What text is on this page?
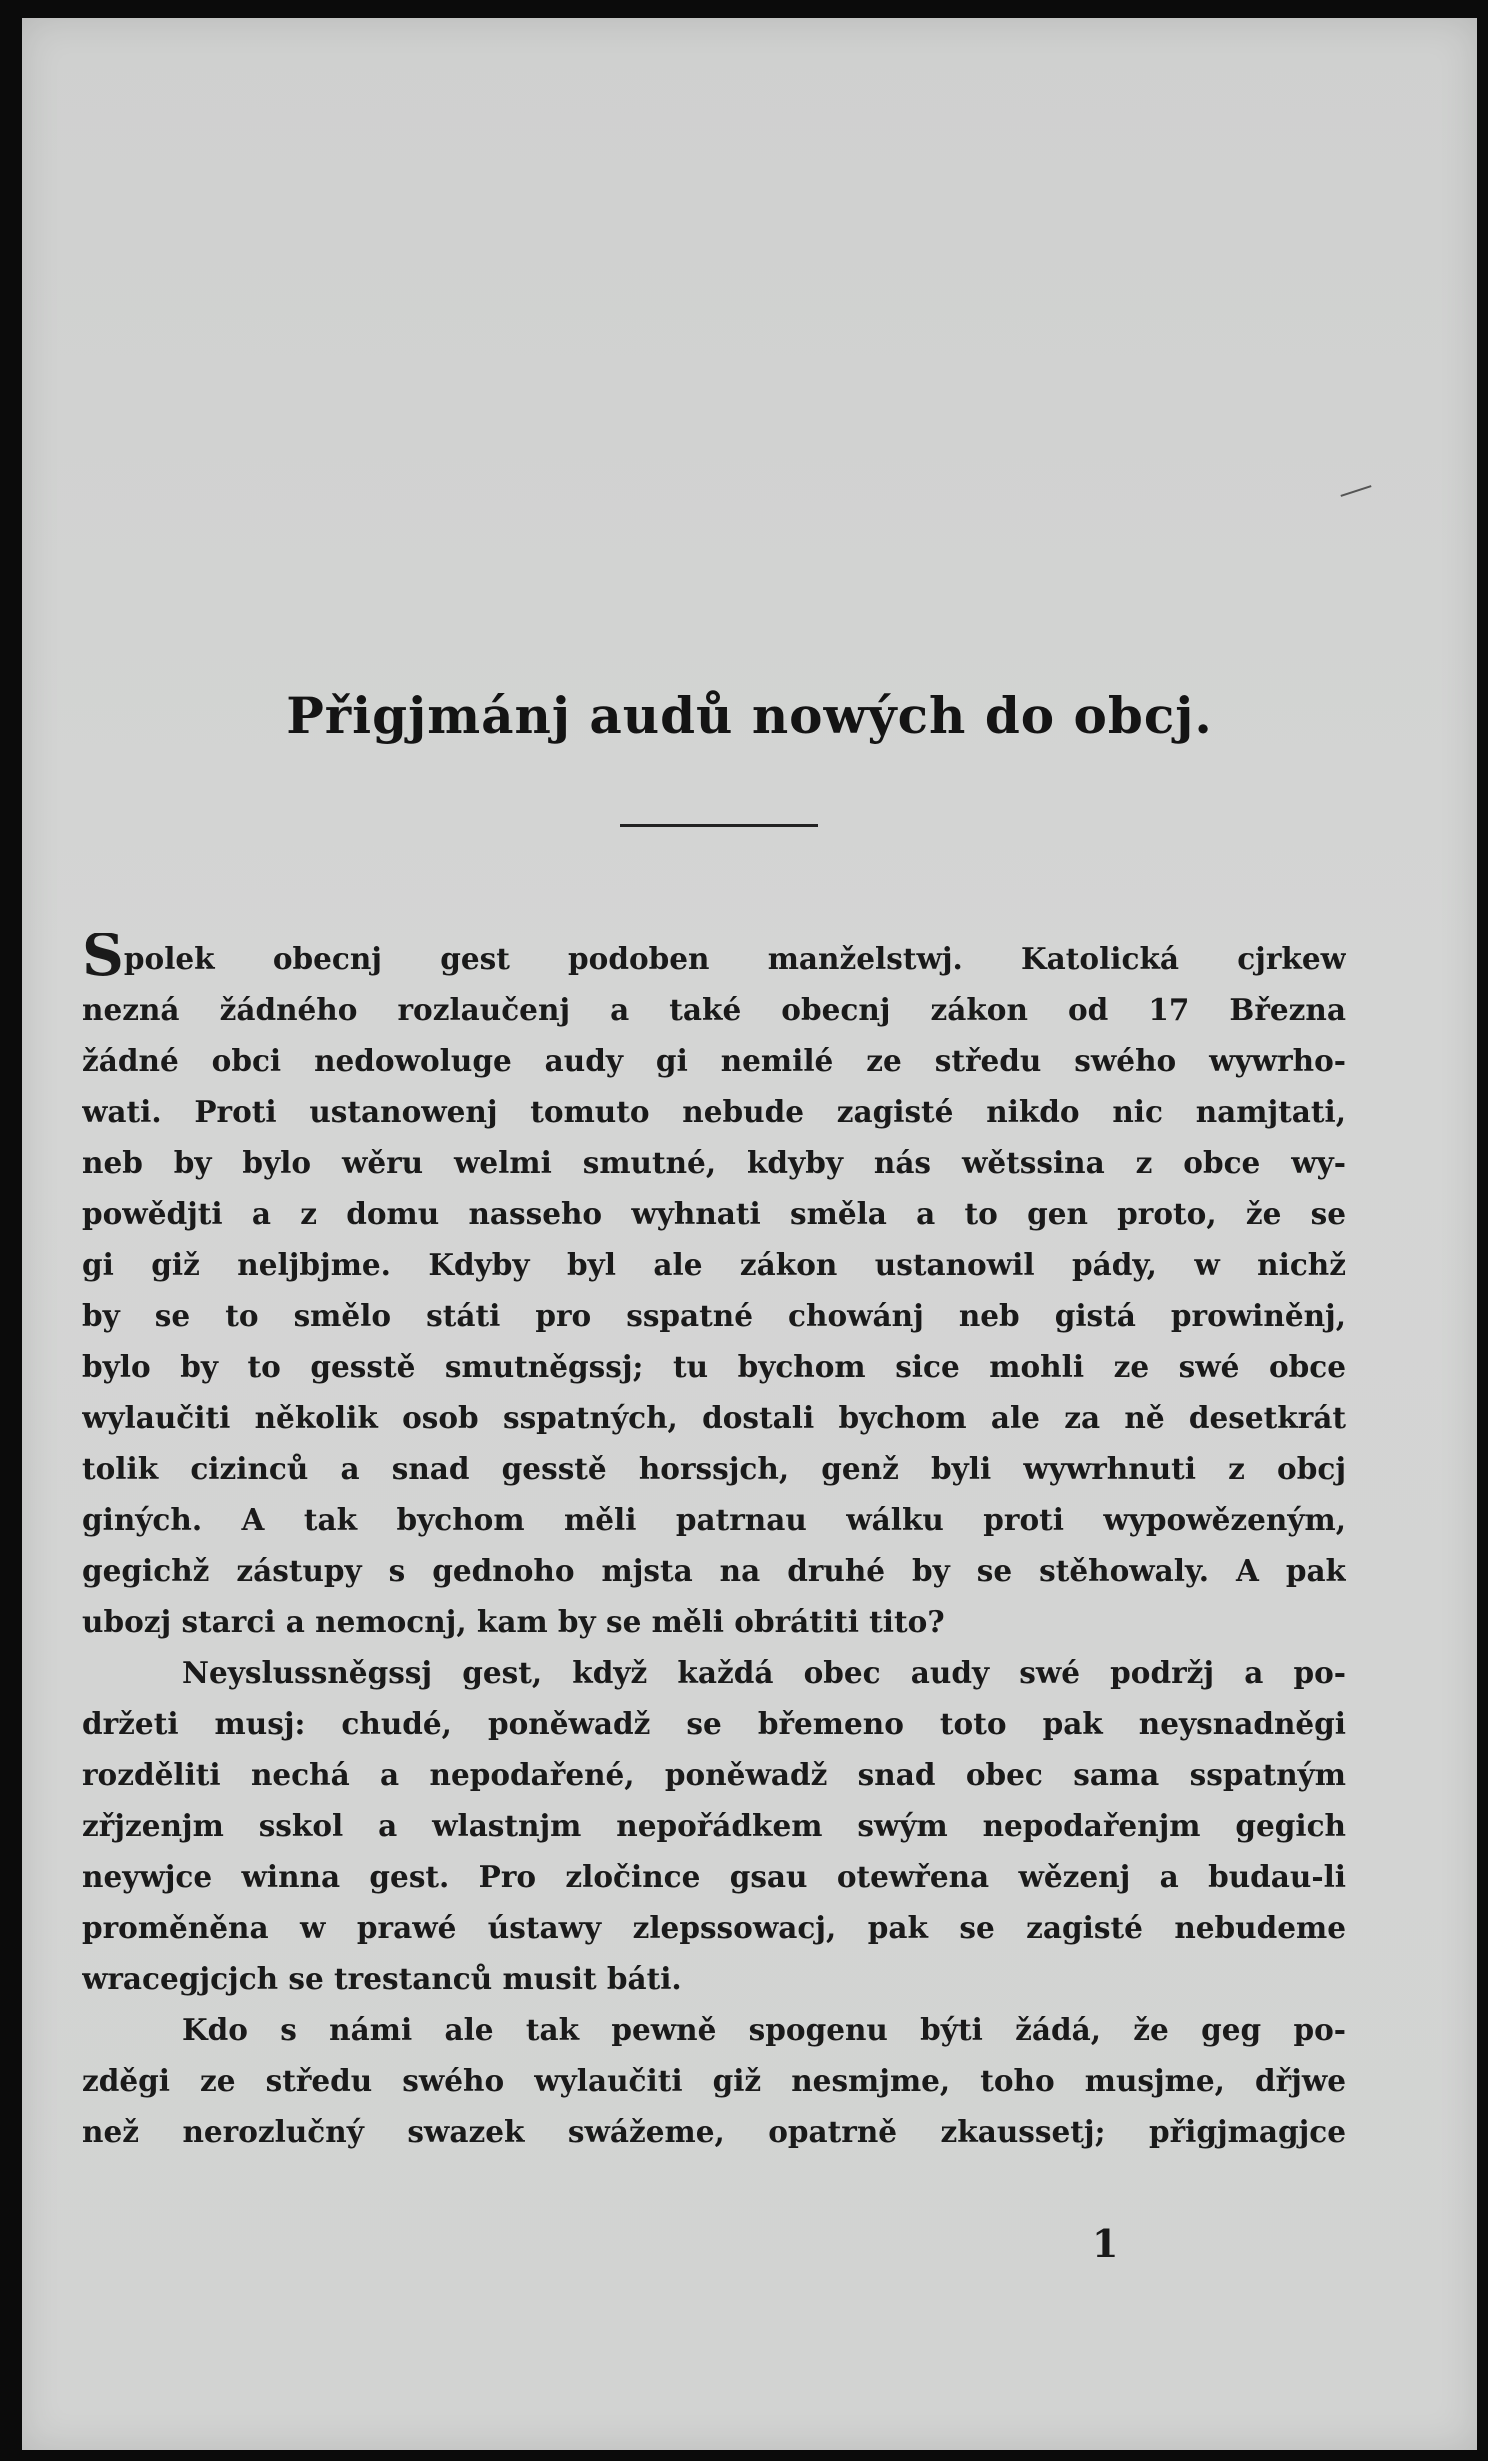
Přigjmánj audů nowých do obcj.
Spolek obecnj gest podoben manželstwj. Katolická cjrkew
nezná žádného rozlaučenj a také obecnj zákon od 17 Března
žádné obci nedowoluge audy gi nemilé ze středu swého wywrho-
wati. Proti ustanowenj tomuto nebude zagisté nikdo nic namjtati,
neb by bylo wěru welmi smutné, kdyby nás wětssina z obce wy-
powědjti a z domu nasseho wyhnati směla a to gen proto, že se
gi giž neljbjme. Kdyby byl ale zákon ustanowil pády, w nichž
by se to smělo státi pro sspatné chowánj neb gistá prowiněnj,
bylo by to gesstě smutněgssj; tu bychom sice mohli ze swé obce
wylaučiti několik osob sspatných, dostali bychom ale za ně desetkrát
tolik cizinců a snad gesstě horssjch, genž byli wywrhnuti z obcj
giných. A tak bychom měli patrnau wálku proti wypowězeným,
gegichž zástupy s gednoho mjsta na druhé by se stěhowaly. A pak
ubozj starci a nemocnj, kam by se měli obrátiti tito?
Neyslussněgssj gest, když každá obec audy swé podržj a po-
držeti musj: chudé, poněwadž se břemeno toto pak neysnadněgi
rozděliti nechá a nepodařené, poněwadž snad obec sama sspatným
zřjzenjm sskol a wlastnjm nepořádkem swým nepodařenjm gegich
neywjce winna gest. Pro zločince gsau otewřena wězenj a budau-li
proměněna w prawé ústawy zlepssowacj, pak se zagisté nebudeme
wracegjcjch se trestanců musit báti.
Kdo s námi ale tak pewně spogenu býti žádá, že geg po-
zděgi ze středu swého wylaučiti giž nesmjme, toho musjme, dřjwe
než nerozlučný swazek swážeme, opatrně zkaussetj; přigjmagjce
1
